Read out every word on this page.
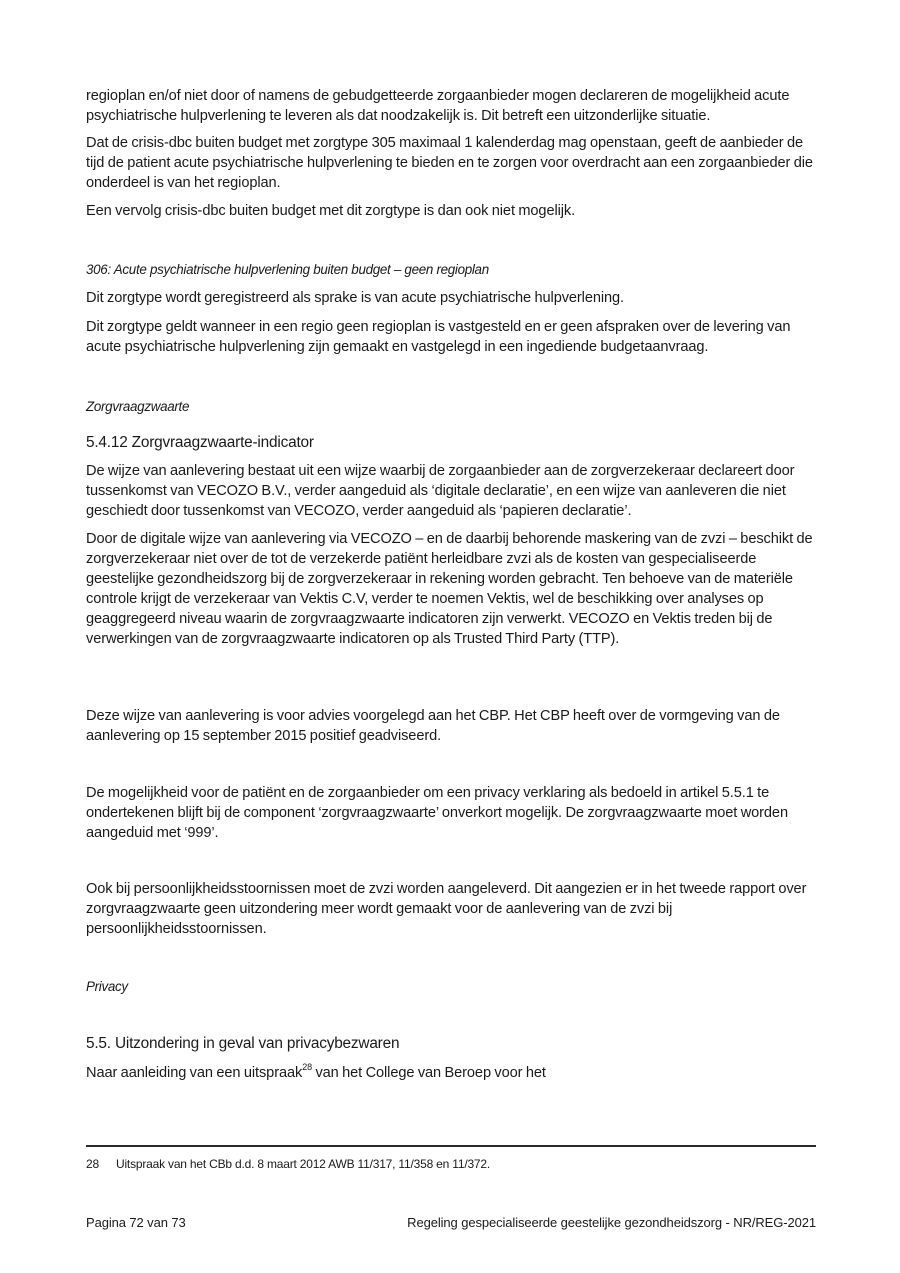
regioplan en/of niet door of namens de gebudgetteerde zorgaanbieder mogen declareren de mogelijkheid acute psychiatrische hulpverlening te leveren als dat noodzakelijk is. Dit betreft een uitzonderlijke situatie.

Dat de crisis-dbc buiten budget met zorgtype 305 maximaal 1 kalenderdag mag openstaan, geeft de aanbieder de tijd de patient acute psychiatrische hulpverlening te bieden en te zorgen voor overdracht aan een zorgaanbieder die onderdeel is van het regioplan.

Een vervolg crisis-dbc buiten budget met dit zorgtype is dan ook niet mogelijk.

306: Acute psychiatrische hulpverlening buiten budget – geen regioplan

Dit zorgtype wordt geregistreerd als sprake is van acute psychiatrische hulpverlening.

Dit zorgtype geldt wanneer in een regio geen regioplan is vastgesteld en er geen afspraken over de levering van acute psychiatrische hulpverlening zijn gemaakt en vastgelegd in een ingediende budgetaanvraag.

Zorgvraagzwaarte
5.4.12 Zorgvraagzwaarte-indicator

De wijze van aanlevering bestaat uit een wijze waarbij de zorgaanbieder aan de zorgverzekeraar declareert door tussenkomst van VECOZO B.V., verder aangeduid als ‘digitale declaratie’, en een wijze van aanleveren die niet geschiedt door tussenkomst van VECOZO, verder aangeduid als ‘papieren declaratie’.

Door de digitale wijze van aanlevering via VECOZO – en de daarbij behorende maskering van de zvzi – beschikt de zorgverzekeraar niet over de tot de verzekerde patiënt herleidbare zvzi als de kosten van gespecialiseerde geestelijke gezondheidszorg bij de zorgverzekeraar in rekening worden gebracht. Ten behoeve van de materiële controle krijgt de verzekeraar van Vektis C.V, verder te noemen Vektis, wel de beschikking over analyses op geaggregeerd niveau waarin de zorgvraagzwaarte indicatoren zijn verwerkt. VECOZO en Vektis treden bij de verwerkingen van de zorgvraagzwaarte indicatoren op als Trusted Third Party (TTP).

Deze wijze van aanlevering is voor advies voorgelegd aan het CBP. Het CBP heeft over de vormgeving van de aanlevering op 15 september 2015 positief geadviseerd.

De mogelijkheid voor de patiënt en de zorgaanbieder om een privacy verklaring als bedoeld in artikel 5.5.1 te ondertekenen blijft bij de component ‘zorgvraagzwaarte’ onverkort mogelijk. De zorgvraagzwaarte moet worden aangeduid met ‘999’.

Ook bij persoonlijkheidsstoornissen moet de zvzi worden aangeleverd. Dit aangezien er in het tweede rapport over zorgvraagzwaarte geen uitzondering meer wordt gemaakt voor de aanlevering van de zvzi bij persoonlijkheidsstoornissen.

Privacy
5.5. Uitzondering in geval van privacybezwaren

Naar aanleiding van een uitspraak$^{28}$ van het College van Beroep voor het

28 Uitspraak van het CBb d.d. 8 maart 2012 AWB 11/317, 11/358 en 11/372.
Pagina 72 van 73	Regeling gespecialiseerde geestelijke gezondheidszorg - NR/REG-2021
